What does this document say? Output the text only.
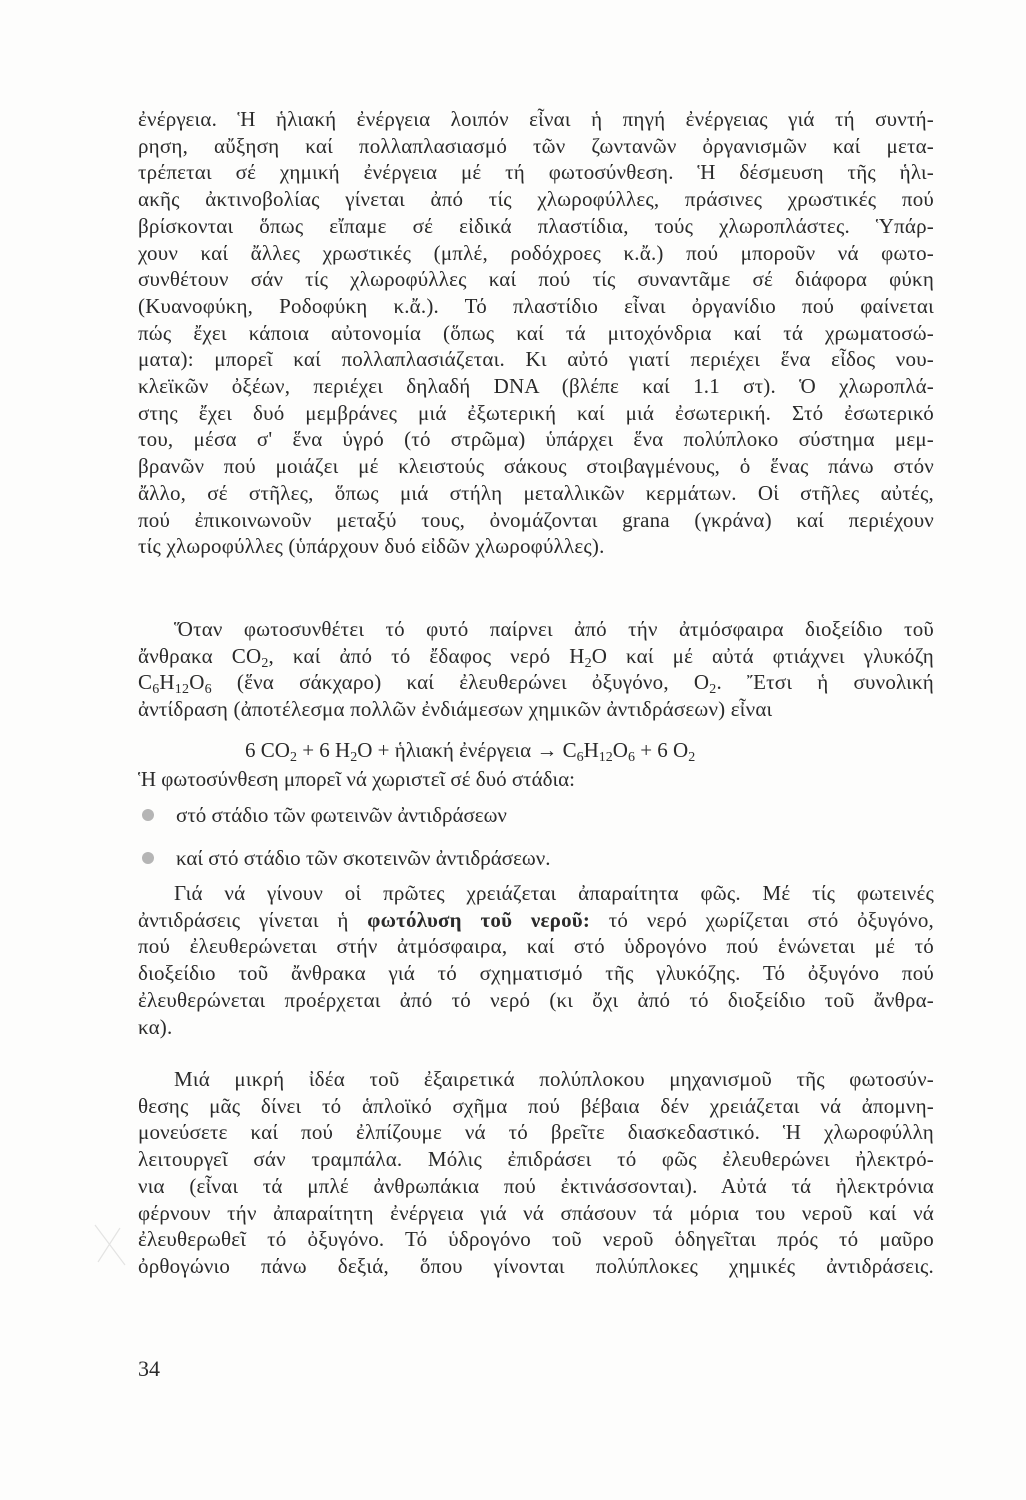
ἐνέργεια. Ἡ ἡλιακή ἐνέργεια λοιπόν εἶναι ἡ πηγή ἐνέργειας γιά τή συντή-
ρηση, αὔξηση καί πολλαπλασιασμό τῶν ζωντανῶν ὀργανισμῶν καί μετα-
τρέπεται σέ χημική ἐνέργεια μέ τή φωτοσύνθεση. Ἡ δέσμευση τῆς ἡλι-
ακῆς ἀκτινοβολίας γίνεται ἀπό τίς χλωροφύλλες, πράσινες χρωστικές πού
βρίσκονται ὅπως εἴπαμε σέ εἰδικά πλαστίδια, τούς χλωροπλάστες. Ὑπάρ-
χουν καί ἄλλες χρωστικές (μπλέ, ροδόχροες κ.ἄ.) πού μποροῦν νά φωτο-
συνθέτουν σάν τίς χλωροφύλλες καί πού τίς συναντᾶμε σέ διάφορα φύκη
(Κυανοφύκη, Ροδοφύκη κ.ἄ.). Τό πλαστίδιο εἶναι ὀργανίδιο πού φαίνεται
πώς ἔχει κάποια αὐτονομία (ὅπως καί τά μιτοχόνδρια καί τά χρωματοσώ-
ματα): μπορεῖ καί πολλαπλασιάζεται. Κι αὐτό γιατί περιέχει ἕνα εἶδος νου-
κλεϊκῶν ὀξέων, περιέχει δηλαδή DNA (βλέπε καί 1.1 στ). Ὁ χλωροπλά-
στης ἔχει δυό μεμβράνες μιά ἐξωτερική καί μιά ἐσωτερική. Στό ἐσωτερικό
του, μέσα σ' ἕνα ὑγρό (τό στρῶμα) ὑπάρχει ἕνα πολύπλοκο σύστημα μεμ-
βρανῶν πού μοιάζει μέ κλειστούς σάκους στοιβαγμένους, ὁ ἕνας πάνω στόν
ἄλλο, σέ στῆλες, ὅπως μιά στήλη μεταλλικῶν κερμάτων. Οἱ στῆλες αὐτές,
πού ἐπικοινωνοῦν μεταξύ τους, ὀνομάζονται grana (γκράνα) καί περιέχουν
τίς χλωροφύλλες (ὑπάρχουν δυό εἰδῶν χλωροφύλλες).
Ὅταν φωτοσυνθέτει τό φυτό παίρνει ἀπό τήν ἀτμόσφαιρα διοξείδιο τοῦ
ἄνθρακα $CO_2$, καί ἀπό τό ἔδαφος νερό $H_2O$ καί μέ αὐτά φτιάχνει γλυκόζη
$C_6H_{12}O_6$ (ἕνα σάκχαρο) καί ἐλευθερώνει ὀξυγόνο, $O_2$. Ἔτσι ἡ συνολική
ἀντίδραση (ἀποτέλεσμα πολλῶν ἐνδιάμεσων χημικῶν ἀντιδράσεων) εἶναι
6 $CO_2 + 6$ $H_2O$ + ἡλιακή ἐνέργεια → $C_6H_{12}O_6 + 6$ $O_2$
Ἡ φωτοσύνθεση μπορεῖ νά χωριστεῖ σέ δυό στάδια:
στό στάδιο τῶν φωτεινῶν ἀντιδράσεων
καί στό στάδιο τῶν σκοτεινῶν ἀντιδράσεων.
Γιά νά γίνουν οἱ πρῶτες χρειάζεται ἀπαραίτητα φῶς. Μέ τίς φωτεινές
ἀντιδράσεις γίνεται ἡ φωτόλυση τοῦ νεροῦ: τό νερό χωρίζεται στό ὀξυγόνο,
πού ἐλευθερώνεται στήν ἀτμόσφαιρα, καί στό ὑδρογόνο πού ἑνώνεται μέ τό
διοξείδιο τοῦ ἄνθρακα γιά τό σχηματισμό τῆς γλυκόζης. Τό ὀξυγόνο πού
ἐλευθερώνεται προέρχεται ἀπό τό νερό (κι ὄχι ἀπό τό διοξείδιο τοῦ ἄνθρα-
κα).
Μιά μικρή ἰδέα τοῦ ἐξαιρετικά πολύπλοκου μηχανισμοῦ τῆς φωτοσύν-
θεσης μᾶς δίνει τό ἁπλοϊκό σχῆμα πού βέβαια δέν χρειάζεται νά ἀπομνη-
μονεύσετε καί πού ἐλπίζουμε νά τό βρεῖτε διασκεδαστικό. Ἡ χλωροφύλλη
λειτουργεῖ σάν τραμπάλα. Μόλις ἐπιδράσει τό φῶς ἐλευθερώνει ἠλεκτρό-
νια (εἶναι τά μπλέ ἀνθρωπάκια πού ἐκτινάσσονται). Αὐτά τά ἠλεκτρόνια
φέρνουν τήν ἀπαραίτητη ἐνέργεια γιά νά σπάσουν τά μόρια του νεροῦ καί νά
ἐλευθερωθεῖ τό ὀξυγόνο. Τό ὑδρογόνο τοῦ νεροῦ ὁδηγεῖται πρός τό μαῦρο
ὀρθογώνιο πάνω δεξιά, ὅπου γίνονται πολύπλοκες χημικές ἀντιδράσεις.
34
